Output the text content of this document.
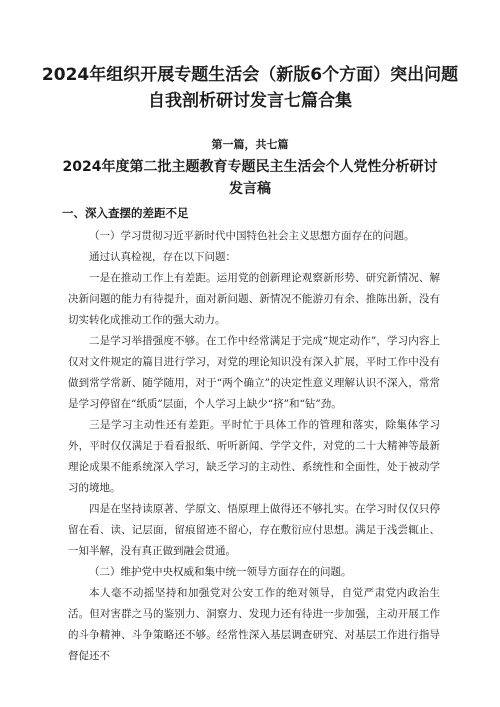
2024年组织开展专题生活会（新版6个方面）突出问题自我剖析研讨发言七篇合集
第一篇，共七篇
2024年度第二批主题教育专题民主生活会个人党性分析研讨发言稿
一、深入查摆的差距不足

（一）学习贯彻习近平新时代中国特色社会主义思想方面存在的问题。

通过认真检视，存在以下问题：

一是在推动工作上有差距。运用党的创新理论观察新形势、研究新情况、解决新问题的能力有待提升，面对新问题、新情况不能游刃有余、推陈出新，没有切实转化成推动工作的强大动力。

二是学习举措强度不够。在工作中经常满足于完成“规定动作”，学习内容上仅对文件规定的篇目进行学习，对党的理论知识没有深入扩展，平时工作中没有做到常学常新、随学随用，对于“两个确立”的决定性意义理解认识不深入，常常是学习停留在“纸质”层面，个人学习上缺少“挤”和“钻”劲。

三是学习主动性还有差距。平时忙于具体工作的管理和落实，除集体学习外，平时仅仅满足于看看报纸、听听新闻、学学文件，对党的二十大精神等最新理论成果不能系统深入学习，缺乏学习的主动性、系统性和全面性，处于被动学习的境地。

四是在坚持读原著、学原文、悟原理上做得还不够扎实。在学习时仅仅只停留在看、读、记层面，留痕留迹不留心，存在敷衍应付思想。满足于浅尝辄止、一知半解，没有真正做到融会贯通。

（二）维护党中央权威和集中统一领导方面存在的问题。

本人毫不动摇坚持和加强党对公安工作的绝对领导，自觉严肃党内政治生活。但对害群之马的鉴别力、洞察力、发现力还有待进一步加强，主动开展工作的斗争精神、斗争策略还不够。经常性深入基层调查研究、对基层工作进行指导督促还不
